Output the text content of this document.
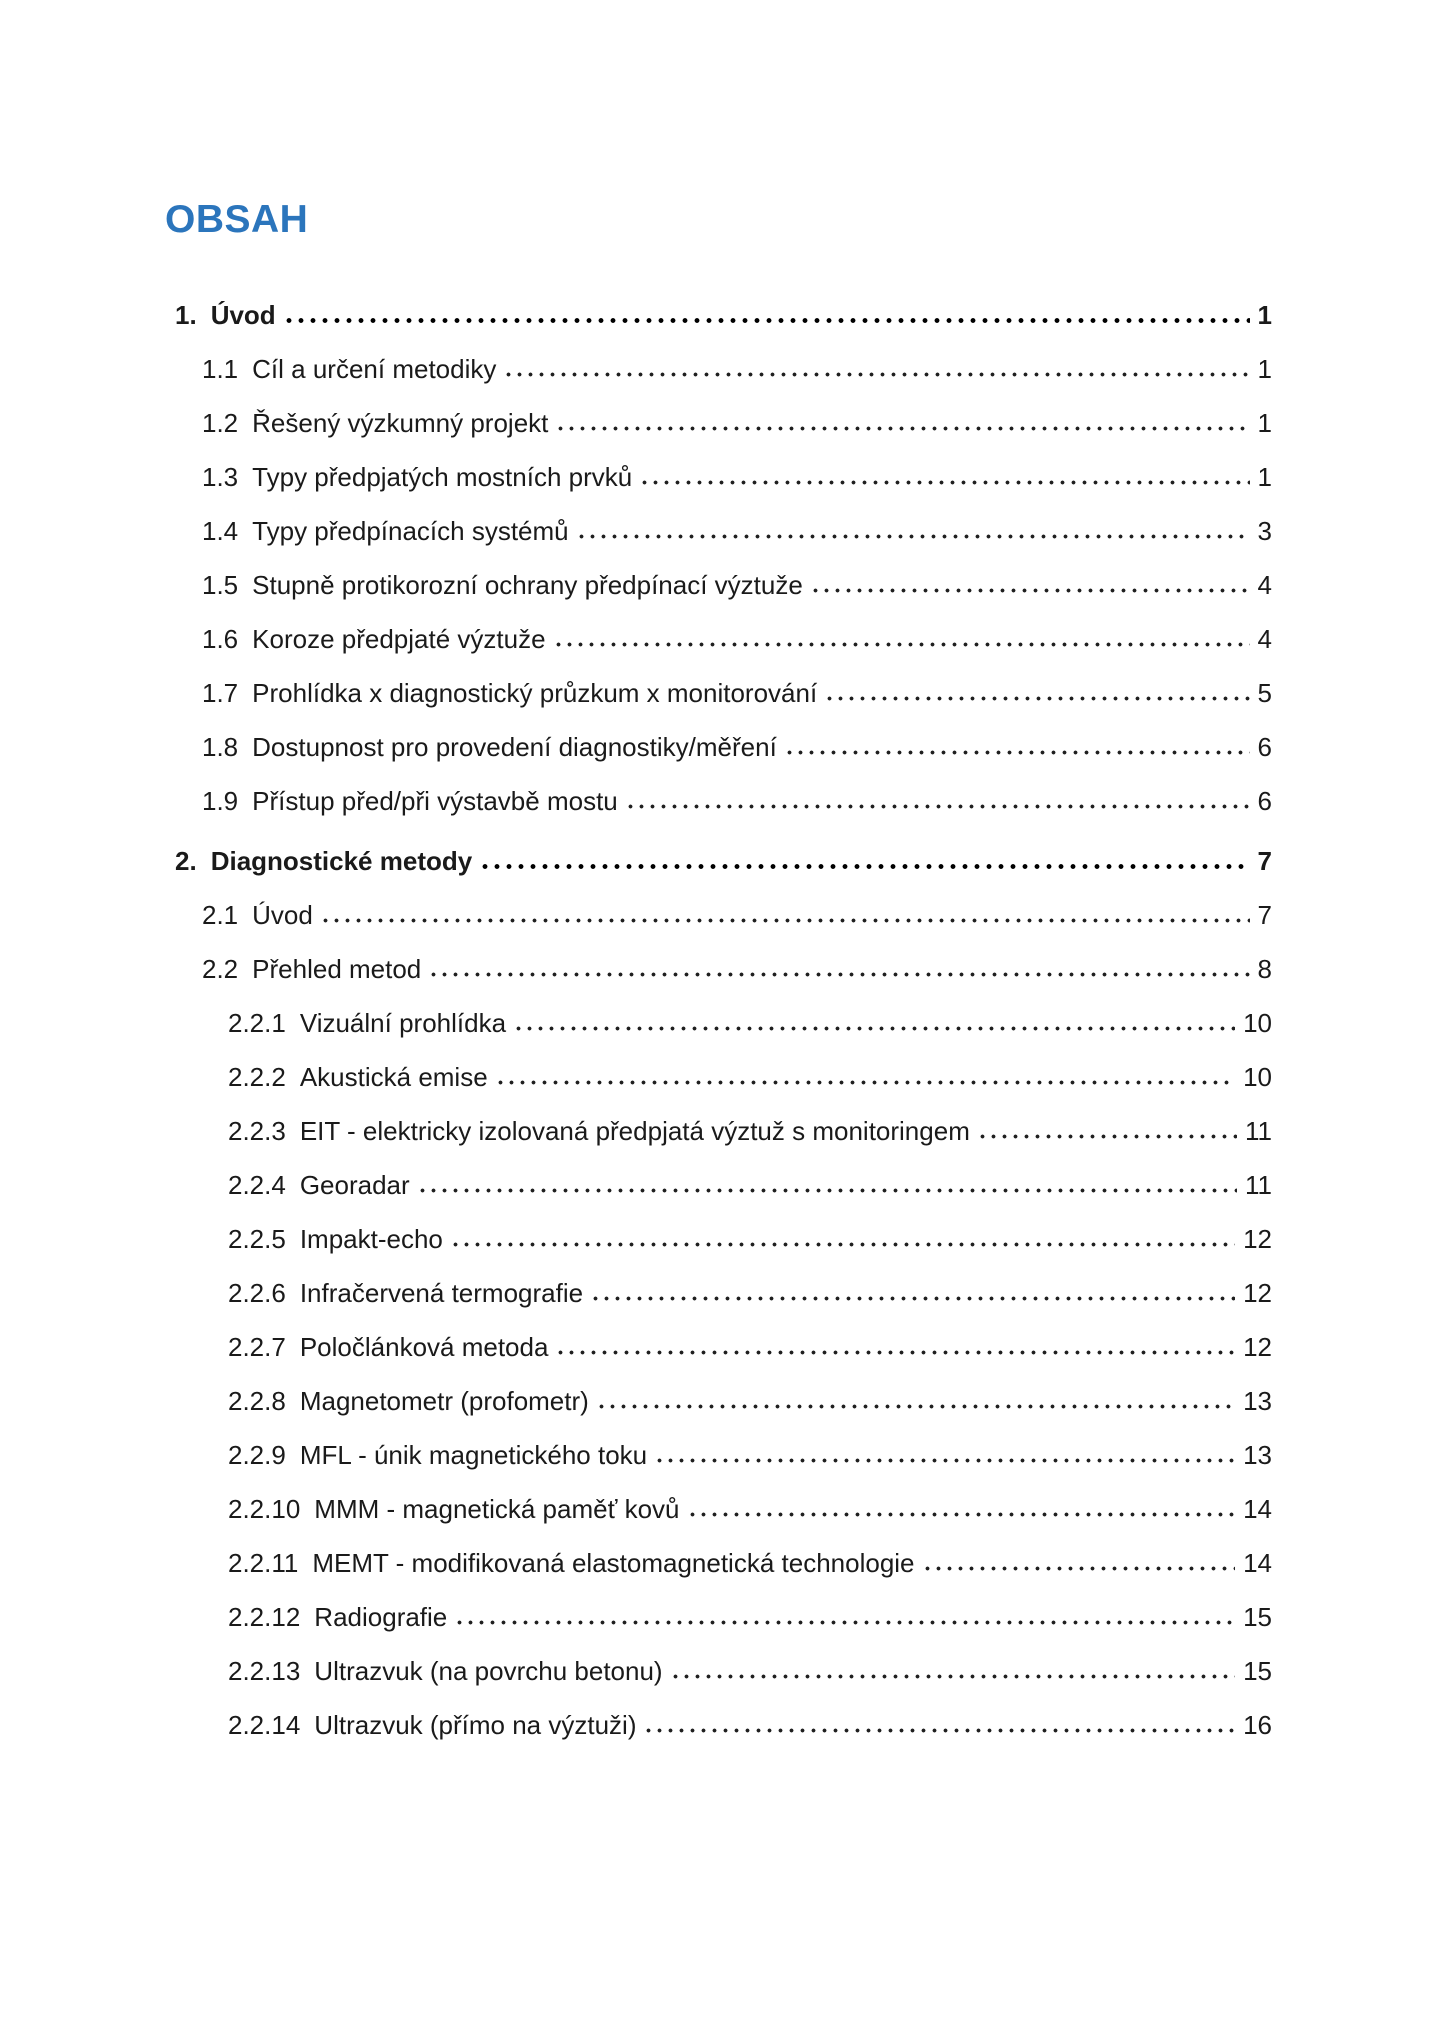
OBSAH
1. Úvod	1
1.1 Cíl a určení metodiky	1
1.2 Řešený výzkumný projekt	1
1.3 Typy předpjatých mostních prvků	1
1.4 Typy předpínacích systémů	3
1.5 Stupně protikorozní ochrany předpínací výztuže	4
1.6 Koroze předpjaté výztuže	4
1.7 Prohlídka x diagnostický průzkum x monitorování	5
1.8 Dostupnost pro provedení diagnostiky/měření	6
1.9 Přístup před/při výstavbě mostu	6
2. Diagnostické metody	7
2.1 Úvod	7
2.2 Přehled metod	8
2.2.1 Vizuální prohlídka	10
2.2.2 Akustická emise	10
2.2.3 EIT - elektricky izolovaná předpjatá výztuž s monitoringem	11
2.2.4 Georadar	11
2.2.5 Impakt-echo	12
2.2.6 Infračervená termografie	12
2.2.7 Poločlánková metoda	12
2.2.8 Magnetometr (profometr)	13
2.2.9 MFL - únik magnetického toku	13
2.2.10 MMM - magnetická paměť kovů	14
2.2.11 MEMT - modifikovaná elastomagnetická technologie	14
2.2.12 Radiografie	15
2.2.13 Ultrazvuk (na povrchu betonu)	15
2.2.14 Ultrazvuk (přímo na výztuži)	16
